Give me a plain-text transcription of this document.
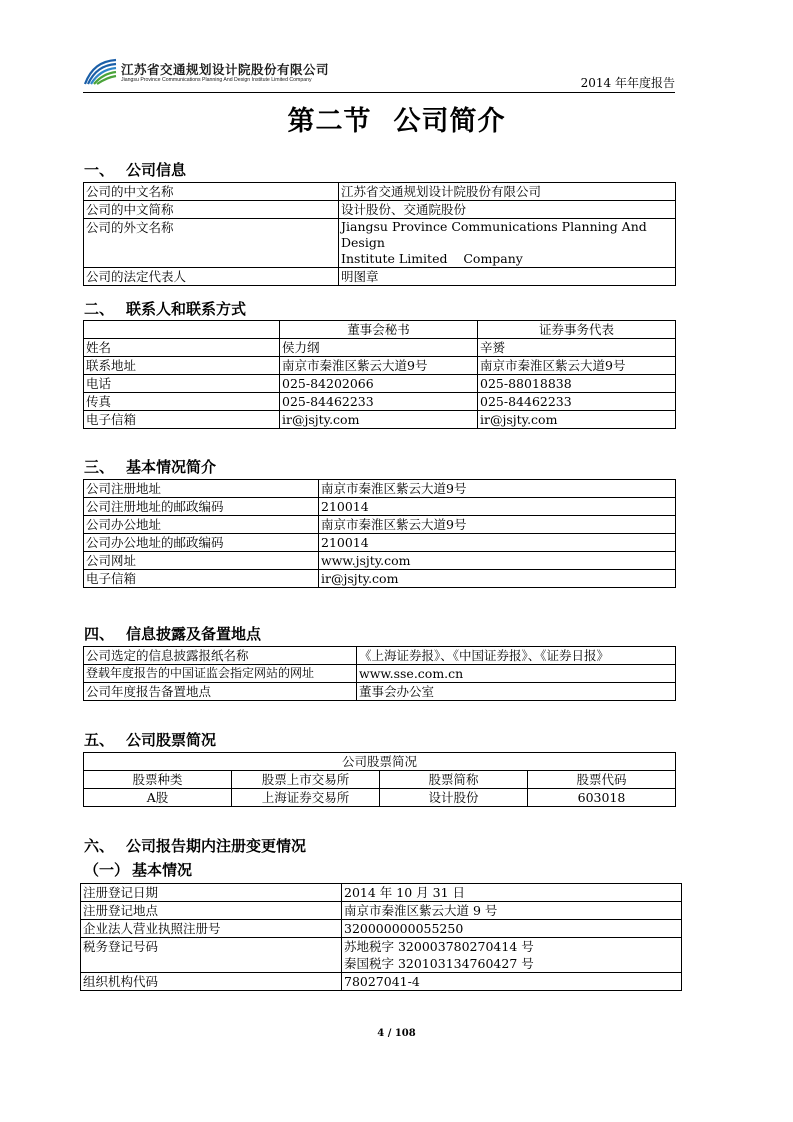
江苏省交通规划设计院股份有限公司
Jiangsu Province Communications Planning And Design Institute Limited Company	2014 年年度报告
第二节 公司简介
一、 公司信息
公司的中文名称	江苏省交通规划设计院股份有限公司
公司的中文简称	设计股份、交通院股份
公司的外文名称	Jiangsu Province Communications Planning And Design
Institute Limited    Company

公司的法定代表人	明图章
二、 联系人和联系方式
	董事会秘书	证券事务代表
姓名	侯力纲	辛赟
联系地址	南京市秦淮区紫云大道9号	南京市秦淮区紫云大道9号
电话	025-84202066	025-88018838
传真	025-84462233	025-84462233
电子信箱	ir@jsjty.com	ir@jsjty.com
三、 基本情况简介
公司注册地址	南京市秦淮区紫云大道9号
公司注册地址的邮政编码	210014
公司办公地址	南京市秦淮区紫云大道9号
公司办公地址的邮政编码	210014
公司网址	www.jsjty.com
电子信箱	ir@jsjty.com
四、 信息披露及备置地点
公司选定的信息披露报纸名称	《上海证券报》、《中国证券报》、《证券日报》
登载年度报告的中国证监会指定网站的网址	www.sse.com.cn
公司年度报告备置地点	董事会办公室
五、 公司股票简况
公司股票简况			
股票种类	股票上市交易所	股票简称	股票代码
A股	上海证券交易所	设计股份	603018
六、 公司报告期内注册变更情况
（一） 基本情况
注册登记日期	2014 年 10 月 31 日
注册登记地点	南京市秦淮区紫云大道 9 号
企业法人营业执照注册号	320000000055250
税务登记号码	苏地税字 320003780270414 号
秦国税字 320103134760427 号

组织机构代码	78027041-4
4 / 108
